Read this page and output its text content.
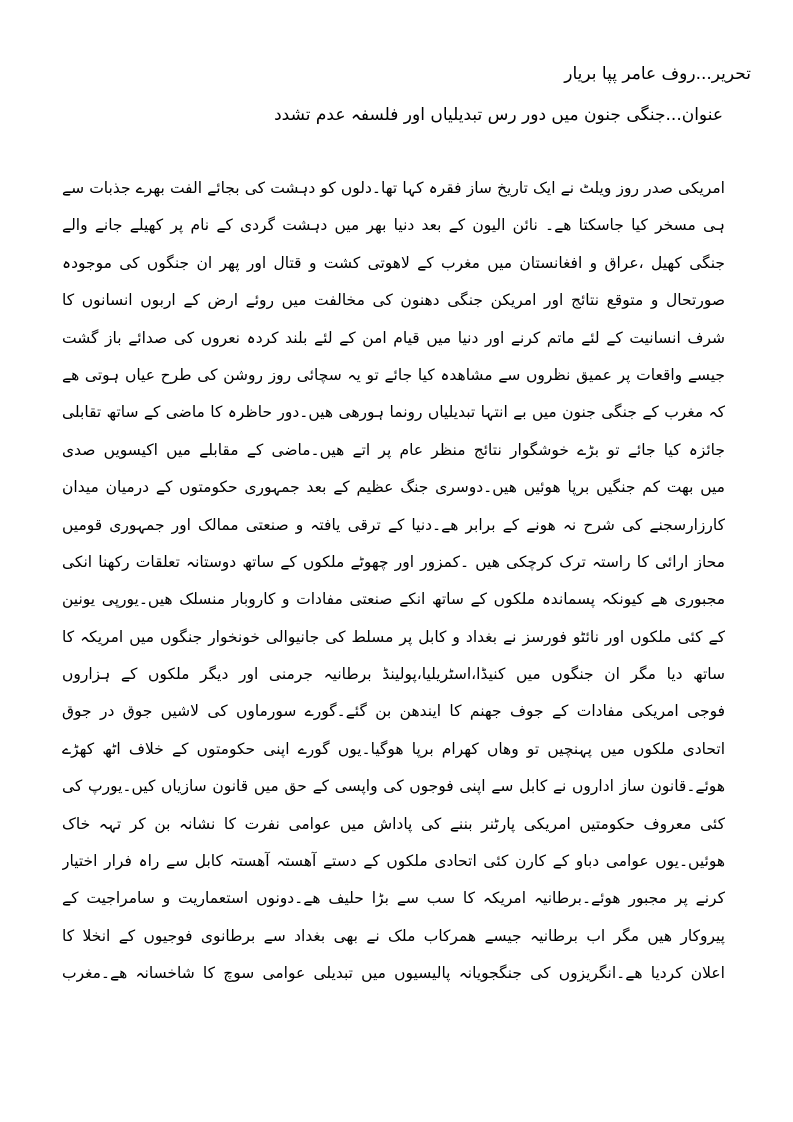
تحریر...روف عامر پپا بریار
عنوان...جنگی جنون میں دور رس تبدیلیاں اور فلسفہ عدم تشدد
امریکی صدر روز ویلٹ نے ایک تاریخ ساز فقرہ کہا تھا۔دلوں کو دہشت کی بجائے الفت بھرے جذبات سے
ہی مسخر کیا جاسکتا ھے۔ نائن الیون کے بعد دنیا بھر میں دہشت گردی کے نام پر کھیلے جانے والے
جنگی کھیل ،عراق و افغانستان میں مغرب کے لاھوتی کشت و قتال اور پھر ان جنگوں کی موجودہ
صورتحال و متوقع نتائج اور امریکن جنگی دھنون کی مخالفت میں روئے ارض کے اربوں انسانوں کا
شرف انسانیت کے لئے ماتم کرنے اور دنیا میں قیام امن کے لئے بلند کردہ نعروں کی صدائے باز گشت
جیسے واقعات پر عمیق نظروں سے مشاھدہ کیا جائے تو یہ سچائی روز روشن کی طرح عیاں ہوتی ھے
کہ مغرب کے جنگی جنون میں بے انتہا تبدیلیاں رونما ہورھی ھیں۔دور حاظرہ کا ماضی کے ساتھ تقابلی
جائزہ کیا جائے تو بڑے خوشگوار نتائج منظر عام پر اتے ھیں۔ماضی کے مقابلے میں اکیسویں صدی
میں بھت کم جنگیں برپا ھوئیں ھیں۔دوسری جنگ عظیم کے بعد جمہوری حکومتوں کے درمیان میدان
کارزارسجنے کی شرح نہ ھونے کے برابر ھے۔دنیا کے ترقی یافتہ و صنعتی ممالک اور جمہوری قومیں
محاز ارائی کا راستہ ترک کرچکی ھیں ۔کمزور اور چھوٹے ملکوں کے ساتھ دوستانہ تعلقات رکھنا انکی
مجبوری ھے کیونکہ پسماندہ ملکوں کے ساتھ انکے صنعتی مفادات و کاروبار منسلک ھیں۔یورپی یونین
کے کئی ملکوں اور نائٹو فورسز نے بغداد و کابل پر مسلط کی جانیوالی خونخوار جنگوں میں امریکہ کا
ساتھ دیا مگر ان جنگوں میں کنیڈا،اسٹریلیا،پولینڈ برطانیہ جرمنی اور دیگر ملکوں کے ہزاروں
فوجی امریکی مفادات کے جوف جھنم کا ایندھن بن گئے۔گورے سورماوں کی لاشیں جوق در جوق
اتحادی ملکوں میں پہنچیں تو وھاں کھرام برپا ھوگیا۔یوں گورے اپنی حکومتوں کے خلاف اٹھ کھڑے
ھوئے۔قانون ساز اداروں نے کابل سے اپنی فوجوں کی واپسی کے حق میں قانون سازیاں کیں۔یورپ کی
کئی معروف حکومتیں امریکی پارٹنر بننے کی پاداش میں عوامی نفرت کا نشانہ بن کر تہہ خاک
ھوئیں۔یوں عوامی دباو کے کارن کئی اتحادی ملکوں کے دستے آھستہ آھستہ کابل سے راہ فرار اختیار
کرنے پر مجبور ھوئے۔برطانیہ امریکہ کا سب سے بڑا حلیف ھے۔دونوں استعماریت و سامراجیت کے
پیروکار ھیں مگر اب برطانیہ جیسے ھمرکاب ملک نے بھی بغداد سے برطانوی فوجیوں کے انخلا کا
اعلان کردیا ھے۔انگریزوں کی جنگجویانہ پالیسیوں میں تبدیلی عوامی سوچ کا شاخسانہ ھے۔مغرب
